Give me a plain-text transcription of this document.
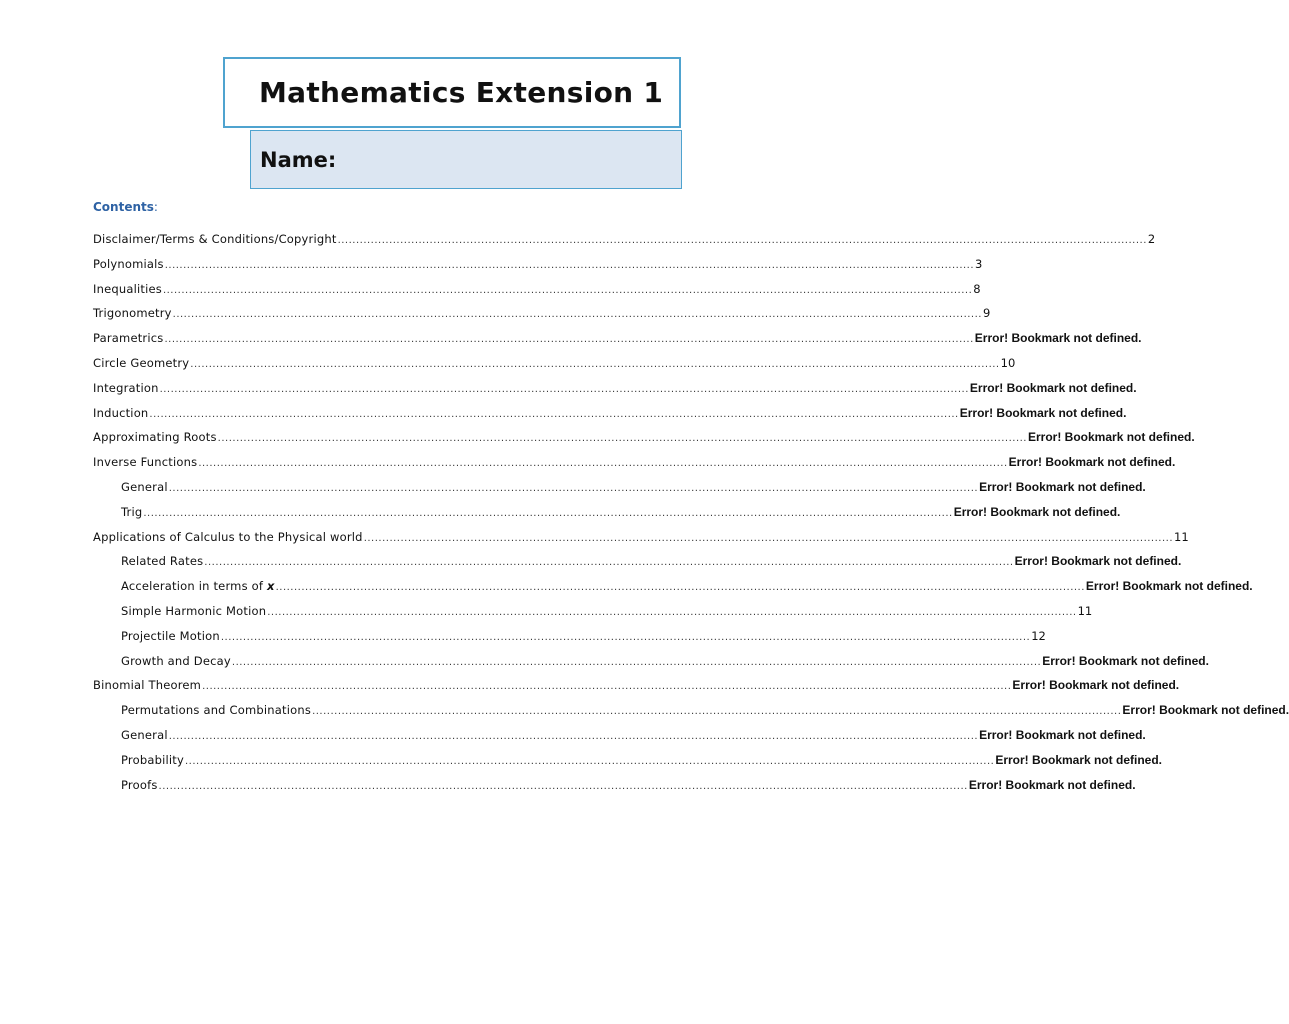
Mathematics Extension 1
Name:
Contents:
Disclaimer/Terms & Conditions/Copyright ............................................................................................................................................................................................................................ 2
Polynomials ............................................................................................................................................................................................................................ 3
Inequalities ............................................................................................................................................................................................................................ 8
Trigonometry ............................................................................................................................................................................................................................ 9
Parametrics ............................................................................................................................................................................................................................ Error! Bookmark not defined.
Circle Geometry ............................................................................................................................................................................................................................ 10
Integration ............................................................................................................................................................................................................................ Error! Bookmark not defined.
Induction ............................................................................................................................................................................................................................ Error! Bookmark not defined.
Approximating Roots ............................................................................................................................................................................................................................ Error! Bookmark not defined.
Inverse Functions ............................................................................................................................................................................................................................ Error! Bookmark not defined.
General ............................................................................................................................................................................................................................ Error! Bookmark not defined.
Trig ............................................................................................................................................................................................................................ Error! Bookmark not defined.
Applications of Calculus to the Physical world ............................................................................................................................................................................................................................ 11
Related Rates ............................................................................................................................................................................................................................ Error! Bookmark not defined.
Acceleration in terms of x ............................................................................................................................................................................................................................ Error! Bookmark not defined.
Simple Harmonic Motion ............................................................................................................................................................................................................................ 11
Projectile Motion ............................................................................................................................................................................................................................ 12
Growth and Decay ............................................................................................................................................................................................................................ Error! Bookmark not defined.
Binomial Theorem ............................................................................................................................................................................................................................ Error! Bookmark not defined.
Permutations and Combinations ............................................................................................................................................................................................................................ Error! Bookmark not defined.
General ............................................................................................................................................................................................................................ Error! Bookmark not defined.
Probability ............................................................................................................................................................................................................................ Error! Bookmark not defined.
Proofs ............................................................................................................................................................................................................................ Error! Bookmark not defined.
